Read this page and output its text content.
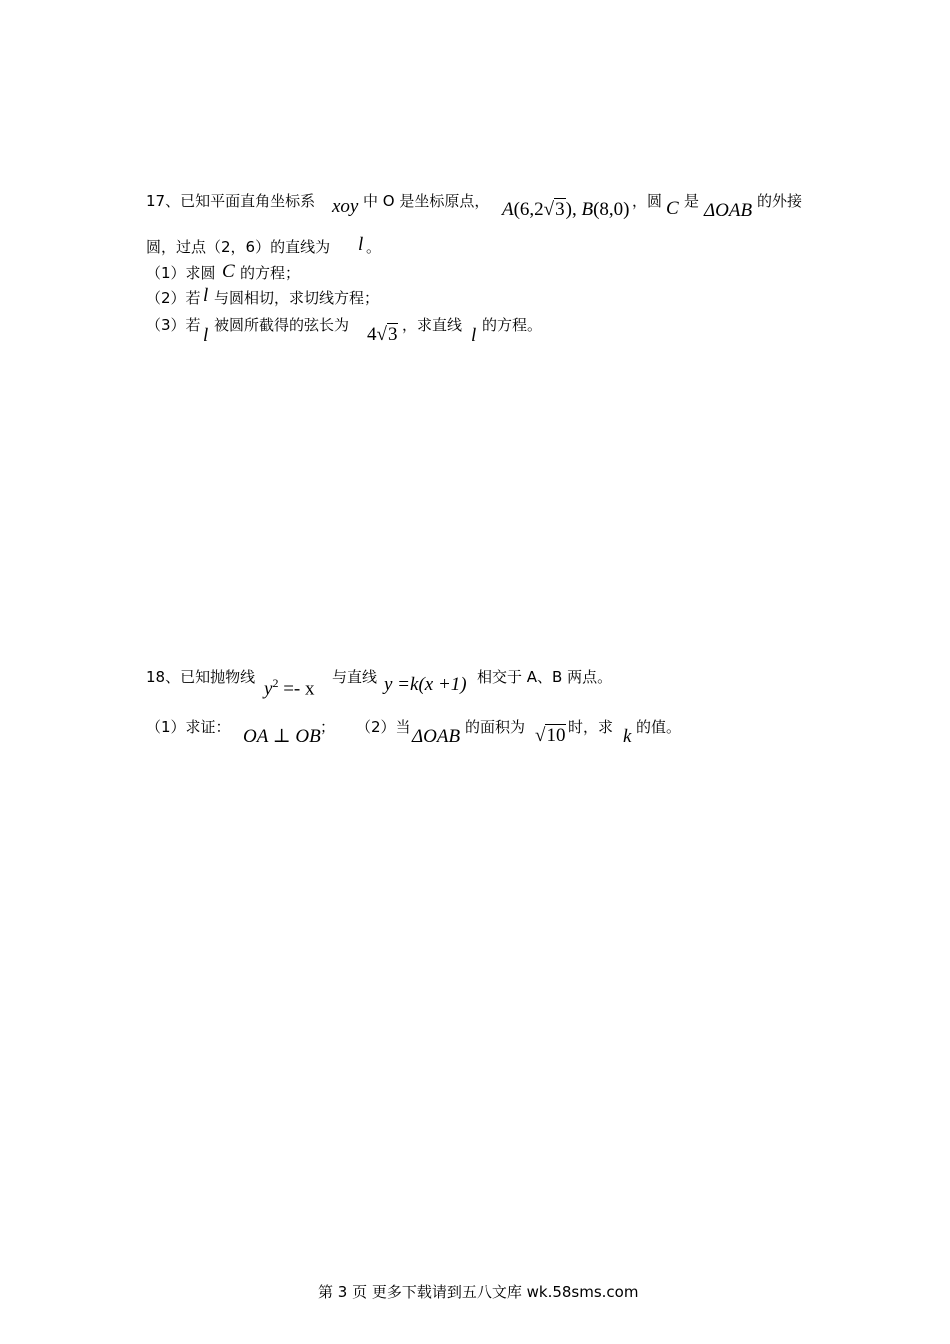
17、已知平面直角坐标系 xoy 中 O 是坐标原点， A(6,2√3), B(8,0) ，圆 C 是 ΔOAB 的外接
圆，过点（2，6）的直线为 l 。
（1）求圆 C 的方程；
（2）若 l 与圆相切，求切线方程；
（3）若 l 被圆所截得的弦长为 4√3 ，求直线 l 的方程。
18、已知抛物线
$y^2 =- x$
与直线 y =k(x +1) 相交于 A、B 两点。
（1）求证： OA ⊥ OB ； （2）当 ΔOAB 的面积为 √10 时，求 k 的值。
第 3 页 更多下载请到五八文库 wk.58sms.com
